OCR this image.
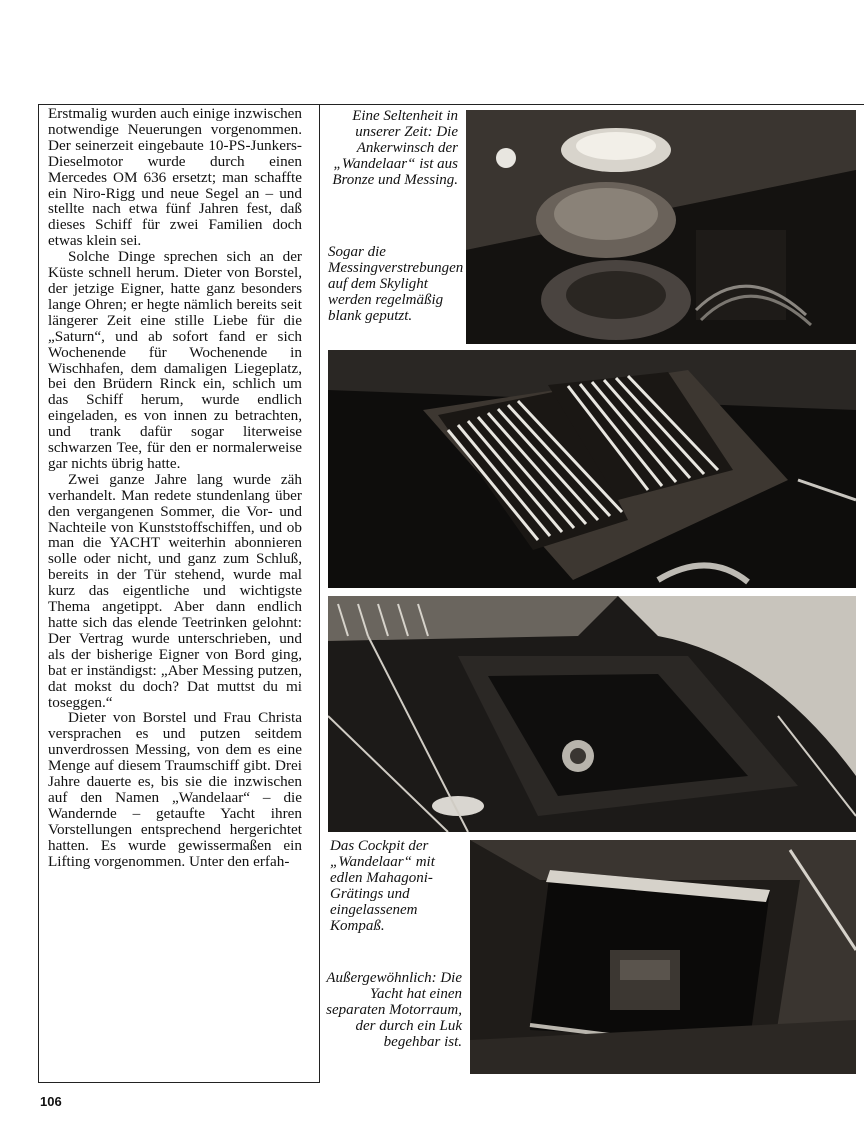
Erstmalig wurden auch einige inzwischen notwendige Neuerungen vorgenommen. Der seinerzeit eingebaute 10-PS-Junkers-Dieselmotor wurde durch einen Mercedes OM 636 ersetzt; man schaffte ein Niro-Rigg und neue Segel an – und stellte nach etwa fünf Jahren fest, daß dieses Schiff für zwei Familien doch etwas klein sei.

Solche Dinge sprechen sich an der Küste schnell herum. Dieter von Borstel, der jetzige Eigner, hatte ganz besonders lange Ohren; er hegte nämlich bereits seit längerer Zeit eine stille Liebe für die „Saturn“, und ab sofort fand er sich Wochenende für Wochenende in Wischhafen, dem damaligen Liegeplatz, bei den Brüdern Rinck ein, schlich um das Schiff herum, wurde endlich eingeladen, es von innen zu betrachten, und trank dafür sogar literweise schwarzen Tee, für den er normalerweise gar nichts übrig hatte.

Zwei ganze Jahre lang wurde zäh verhandelt. Man redete stundenlang über den vergangenen Sommer, die Vor- und Nachteile von Kunststoffschiffen, und ob man die YACHT weiterhin abonnieren solle oder nicht, und ganz zum Schluß, bereits in der Tür stehend, wurde mal kurz das eigentliche und wichtigste Thema angetippt. Aber dann endlich hatte sich das elende Teetrinken gelohnt: Der Vertrag wurde unterschrieben, und als der bisherige Eigner von Bord ging, bat er inständigst: „Aber Messing putzen, dat mokst du doch? Dat muttst du mi toseggen.“

Dieter von Borstel und Frau Christa versprachen es und putzen seitdem unverdrossen Messing, von dem es eine Menge auf diesem Traumschiff gibt. Drei Jahre dauerte es, bis sie die inzwischen auf den Namen „Wandelaar“ – die Wandernde – getaufte Yacht ihren Vorstellungen entsprechend hergerichtet hatten. Es wurde gewissermaßen ein Lifting vorgenommen. Unter den erfah-

Eine Seltenheit in unserer Zeit: Die Ankerwinsch der „Wandelaar“ ist aus Bronze und Messing.
Sogar die Messingverstrebungen auf dem Skylight werden regelmäßig blank geputzt.
Das Cockpit der „Wandelaar“ mit edlen Mahagoni-Grätings und eingelassenem Kompaß.
Außergewöhnlich: Die Yacht hat einen separaten Motorraum, der durch ein Luk begehbar ist.
106
